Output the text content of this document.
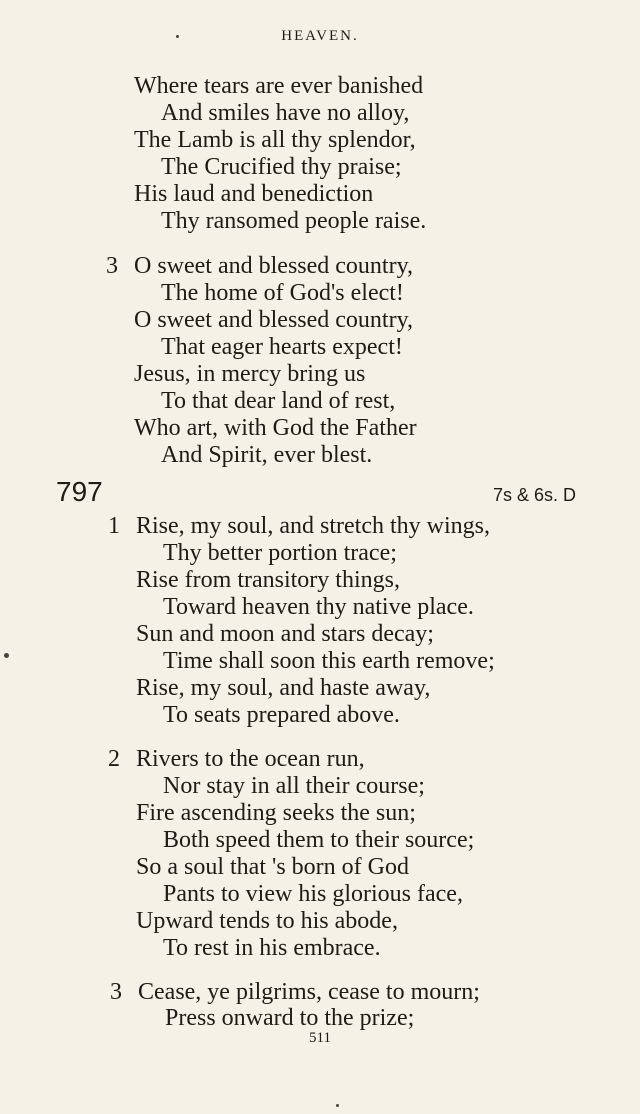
HEAVEN.
Where tears are ever banished
And smiles have no alloy,
The Lamb is all thy splendor,
The Crucified thy praise;
His laud and benediction
Thy ransomed people raise.
3 O sweet and blessed country,
The home of God's elect!
O sweet and blessed country,
That eager hearts expect!
Jesus, in mercy bring us
To that dear land of rest,
Who art, with God the Father
And Spirit, ever blest.
797	7s & 6s. D
1 Rise, my soul, and stretch thy wings,
Thy better portion trace;
Rise from transitory things,
Toward heaven thy native place.
Sun and moon and stars decay;
Time shall soon this earth remove;
Rise, my soul, and haste away,
To seats prepared above.
2 Rivers to the ocean run,
Nor stay in all their course;
Fire ascending seeks the sun;
Both speed them to their source;
So a soul that 's born of God
Pants to view his glorious face,
Upward tends to his abode,
To rest in his embrace.
3 Cease, ye pilgrims, cease to mourn;
Press onward to the prize;
511
